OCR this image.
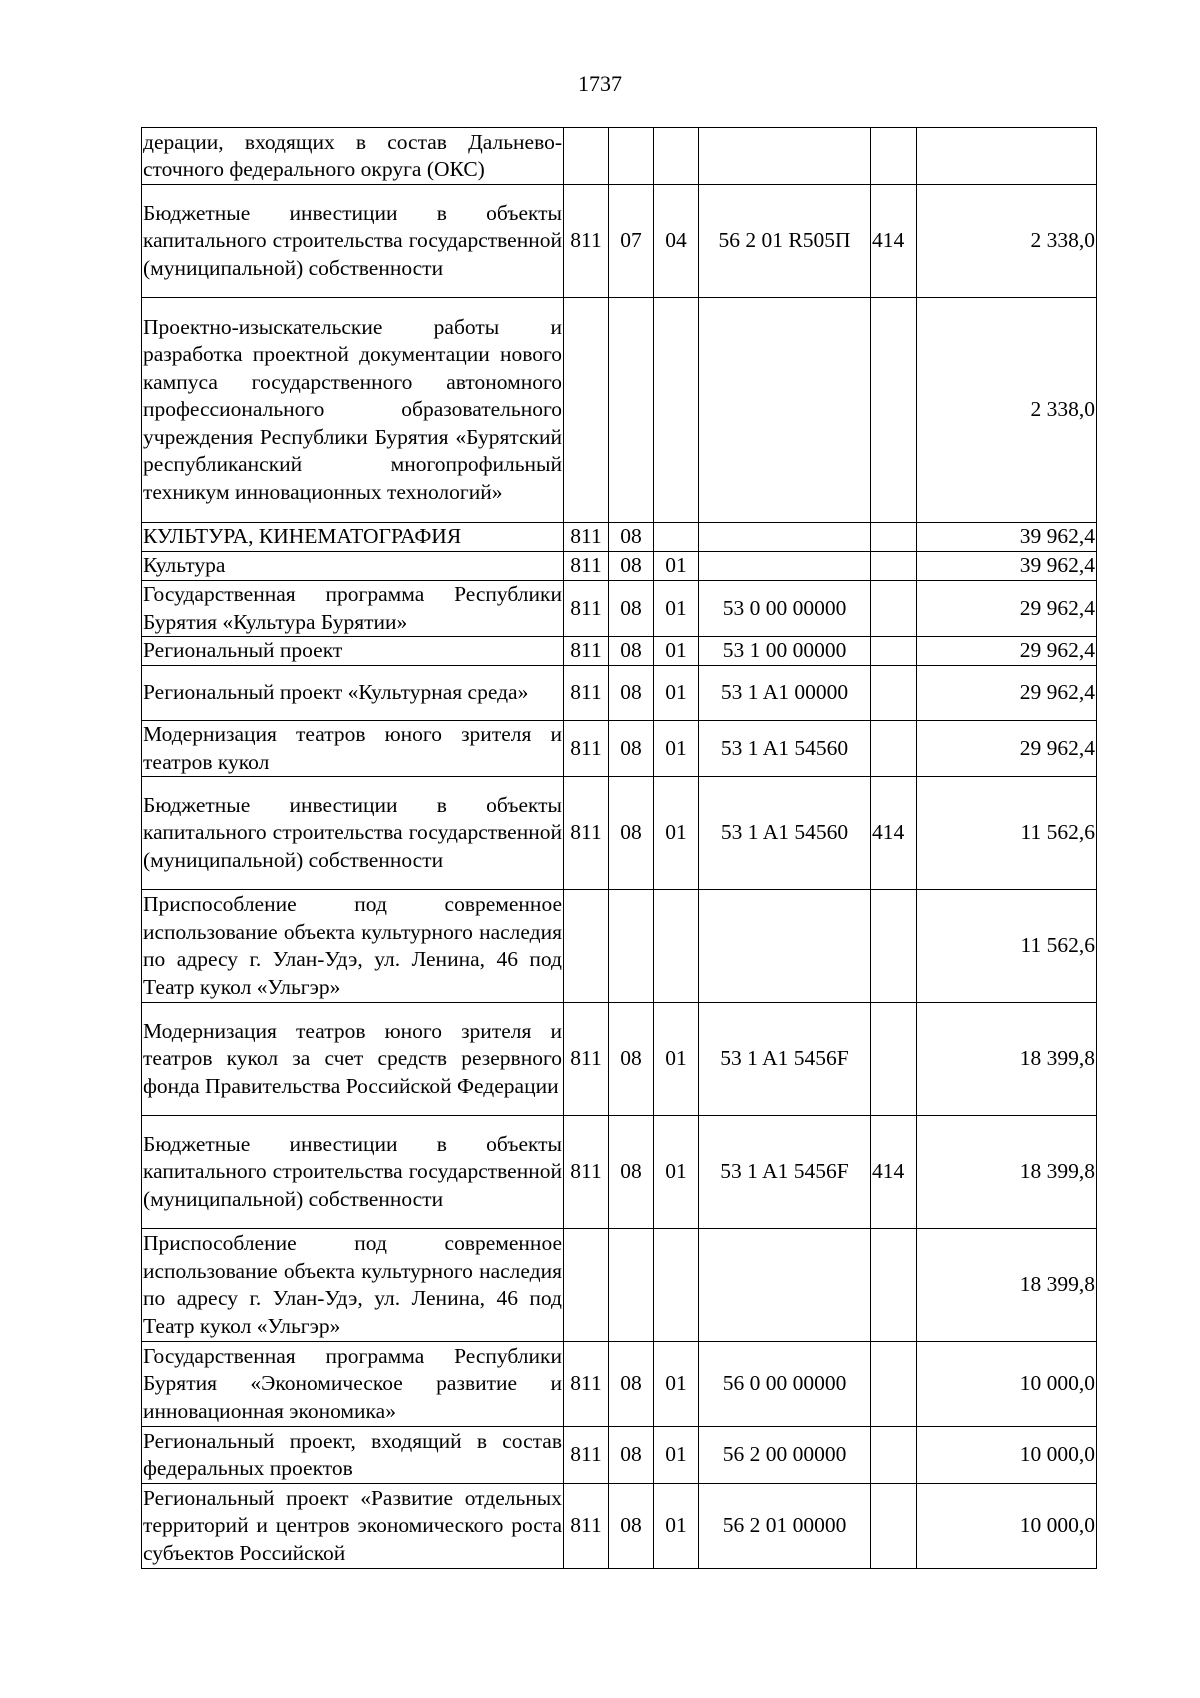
1737
дерации, входящих в состав Дальнево-сточного федерального округа (ОКС)						
Бюджетные инвестиции в объекты капитального строительства государственной (муниципальной) собственности	811	07	04	56 2 01 R505П	414	2 338,0
Проектно-изыскательские работы и разработка проектной документации нового кампуса государственного автономного профессионального образовательного учреждения Республики Бурятия «Бурятский республиканский многопрофильный техникум инновационных технологий»						2 338,0
КУЛЬТУРА, КИНЕМАТОГРАФИЯ	811	08				39 962,4
Культура	811	08	01			39 962,4
Государственная программа Республики Бурятия «Культура Бурятии»	811	08	01	53 0 00 00000		29 962,4
Региональный проект	811	08	01	53 1 00 00000		29 962,4
Региональный проект «Культурная среда»	811	08	01	53 1 A1 00000		29 962,4
Модернизация театров юного зрителя и театров кукол	811	08	01	53 1 A1 54560		29 962,4
Бюджетные инвестиции в объекты капитального строительства государственной (муниципальной) собственности	811	08	01	53 1 A1 54560	414	11 562,6
Приспособление под современное использование объекта культурного наследия по адресу г. Улан-Удэ, ул. Ленина, 46 под Театр кукол «Ульгэр»						11 562,6
Модернизация театров юного зрителя и театров кукол за счет средств резервного фонда Правительства Российской Федерации	811	08	01	53 1 A1 5456F		18 399,8
Бюджетные инвестиции в объекты капитального строительства государственной (муниципальной) собственности	811	08	01	53 1 A1 5456F	414	18 399,8
Приспособление под современное использование объекта культурного наследия по адресу г. Улан-Удэ, ул. Ленина, 46 под Театр кукол «Ульгэр»						18 399,8
Государственная программа Республики Бурятия «Экономическое развитие и инновационная экономика»	811	08	01	56 0 00 00000		10 000,0
Региональный проект, входящий в состав федеральных проектов	811	08	01	56 2 00 00000		10 000,0
Региональный проект «Развитие отдельных территорий и центров экономического роста субъектов Российской	811	08	01	56 2 01 00000		10 000,0
